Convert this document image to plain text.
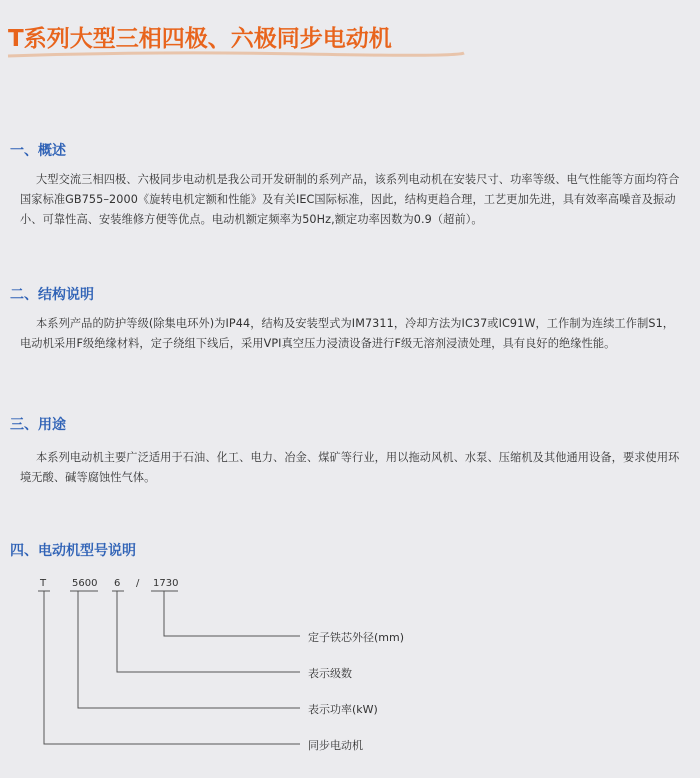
T系列大型三相四极、六极同步电动机
一、概述
大型交流三相四极、六极同步电动机是我公司开发研制的系列产品，该系列电动机在安装尺寸、功率等级、电气性能等方面均符合国家标准GB755–2000《旋转电机定额和性能》及有关IEC国际标准，因此，结构更趋合理，工艺更加先进，具有效率高噪音及振动小、可靠性高、安装维修方便等优点。电动机额定频率为50Hz,额定功率因数为0.9（超前）。
二、结构说明
本系列产品的防护等级(除集电环外)为IP44，结构及安装型式为IM7311，冷却方法为IC37或IC91W，工作制为连续工作制S1，电动机采用F级绝缘材料，定子绕组下线后，采用VPI真空压力浸渍设备进行F级无溶剂浸渍处理，具有良好的绝缘性能。
三、用途
本系列电动机主要广泛适用于石油、化工、电力、冶金、煤矿等行业，用以拖动风机、水泵、压缩机及其他通用设备，要求使用环境无酸、碱等腐蚀性气体。
四、电动机型号说明
T	5600 6 / 1730
定子铁芯外径(mm)
表示级数
表示功率(kW)
同步电动机
